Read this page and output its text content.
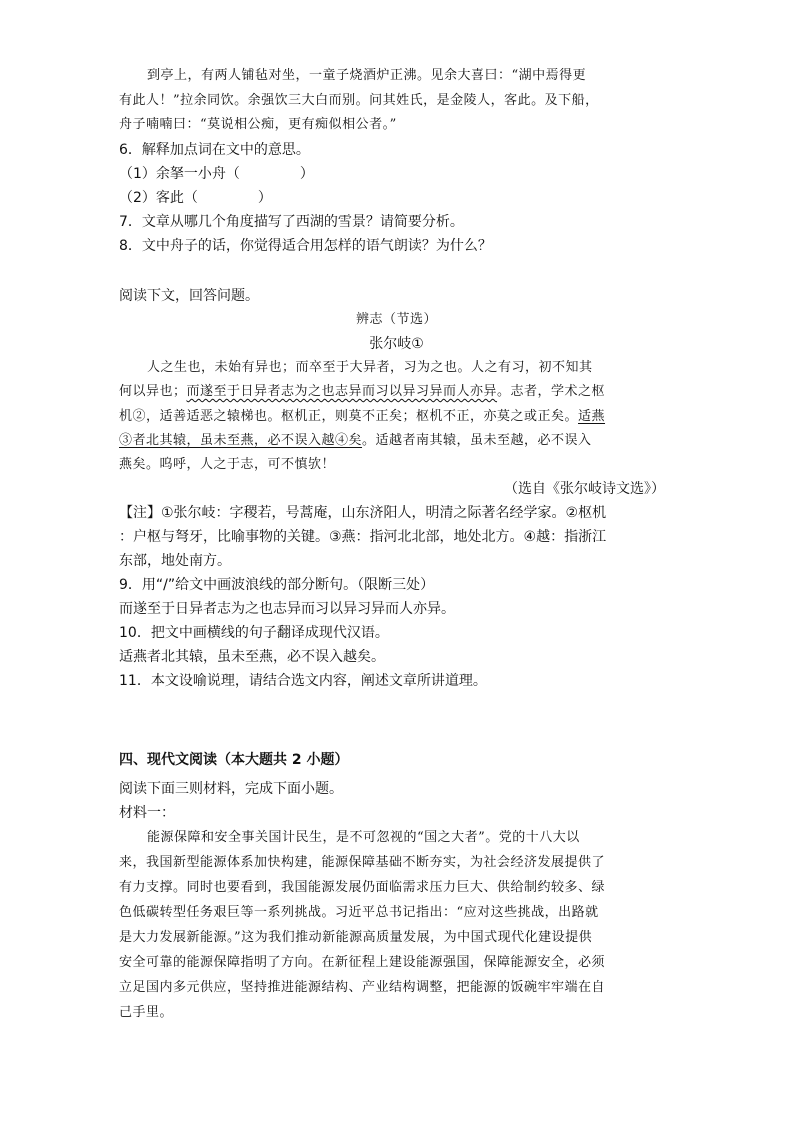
到亭上，有两人铺毡对坐，一童子烧酒炉正沸。见余大喜曰：“湖中焉得更
有此人！”拉余同饮。余强饮三大白而别。问其姓氏，是金陵人，客此。及下船，
舟子喃喃曰：“莫说相公痴，更有痴似相公者。”
6．解释加点词在文中的意思。
（1）余拏一小舟（	）
（2）客此（	）
7．文章从哪几个角度描写了西湖的雪景？请简要分析。
8．文中舟子的话，你觉得适合用怎样的语气朗读？为什么？
阅读下文，回答问题。
辨志（节选）
张尔岐①
人之生也，未始有异也；而卒至于大异者，习为之也。人之有习，初不知其
何以异也；而遂至于日异者志为之也志异而习以异习异而人亦异。志者，学术之枢
机②，适善适恶之辕梯也。枢机正，则莫不正矣；枢机不正，亦莫之或正矣。适燕
③者北其辕，虽未至燕，必不误入越④矣。适越者南其辕，虽未至越，必不误入
燕矣。呜呼，人之于志，可不慎欤！
（选自《张尔岐诗文选》）
【注】①张尔岐：字稷若，号蒿庵，山东济阳人，明清之际著名经学家。②枢机
：户枢与弩牙，比喻事物的关键。③燕：指河北北部，地处北方。④越：指浙江
东部，地处南方。
9．用“/”给文中画波浪线的部分断句。（限断三处）
而遂至于日异者志为之也志异而习以异习异而人亦异。
10．把文中画横线的句子翻译成现代汉语。
适燕者北其辕，虽未至燕，必不误入越矣。
11．本文设喻说理，请结合选文内容，阐述文章所讲道理。
四、现代文阅读（本大题共 2 小题）
阅读下面三则材料，完成下面小题。
材料一：
能源保障和安全事关国计民生，是不可忽视的“国之大者”。党的十八大以
来，我国新型能源体系加快构建，能源保障基础不断夯实，为社会经济发展提供了
有力支撑。同时也要看到，我国能源发展仍面临需求压力巨大、供给制约较多、绿
色低碳转型任务艰巨等一系列挑战。习近平总书记指出：“应对这些挑战，出路就
是大力发展新能源。”这为我们推动新能源高质量发展，为中国式现代化建设提供
安全可靠的能源保障指明了方向。在新征程上建设能源强国，保障能源安全，必须
立足国内多元供应，坚持推进能源结构、产业结构调整，把能源的饭碗牢牢端在自
己手里。
